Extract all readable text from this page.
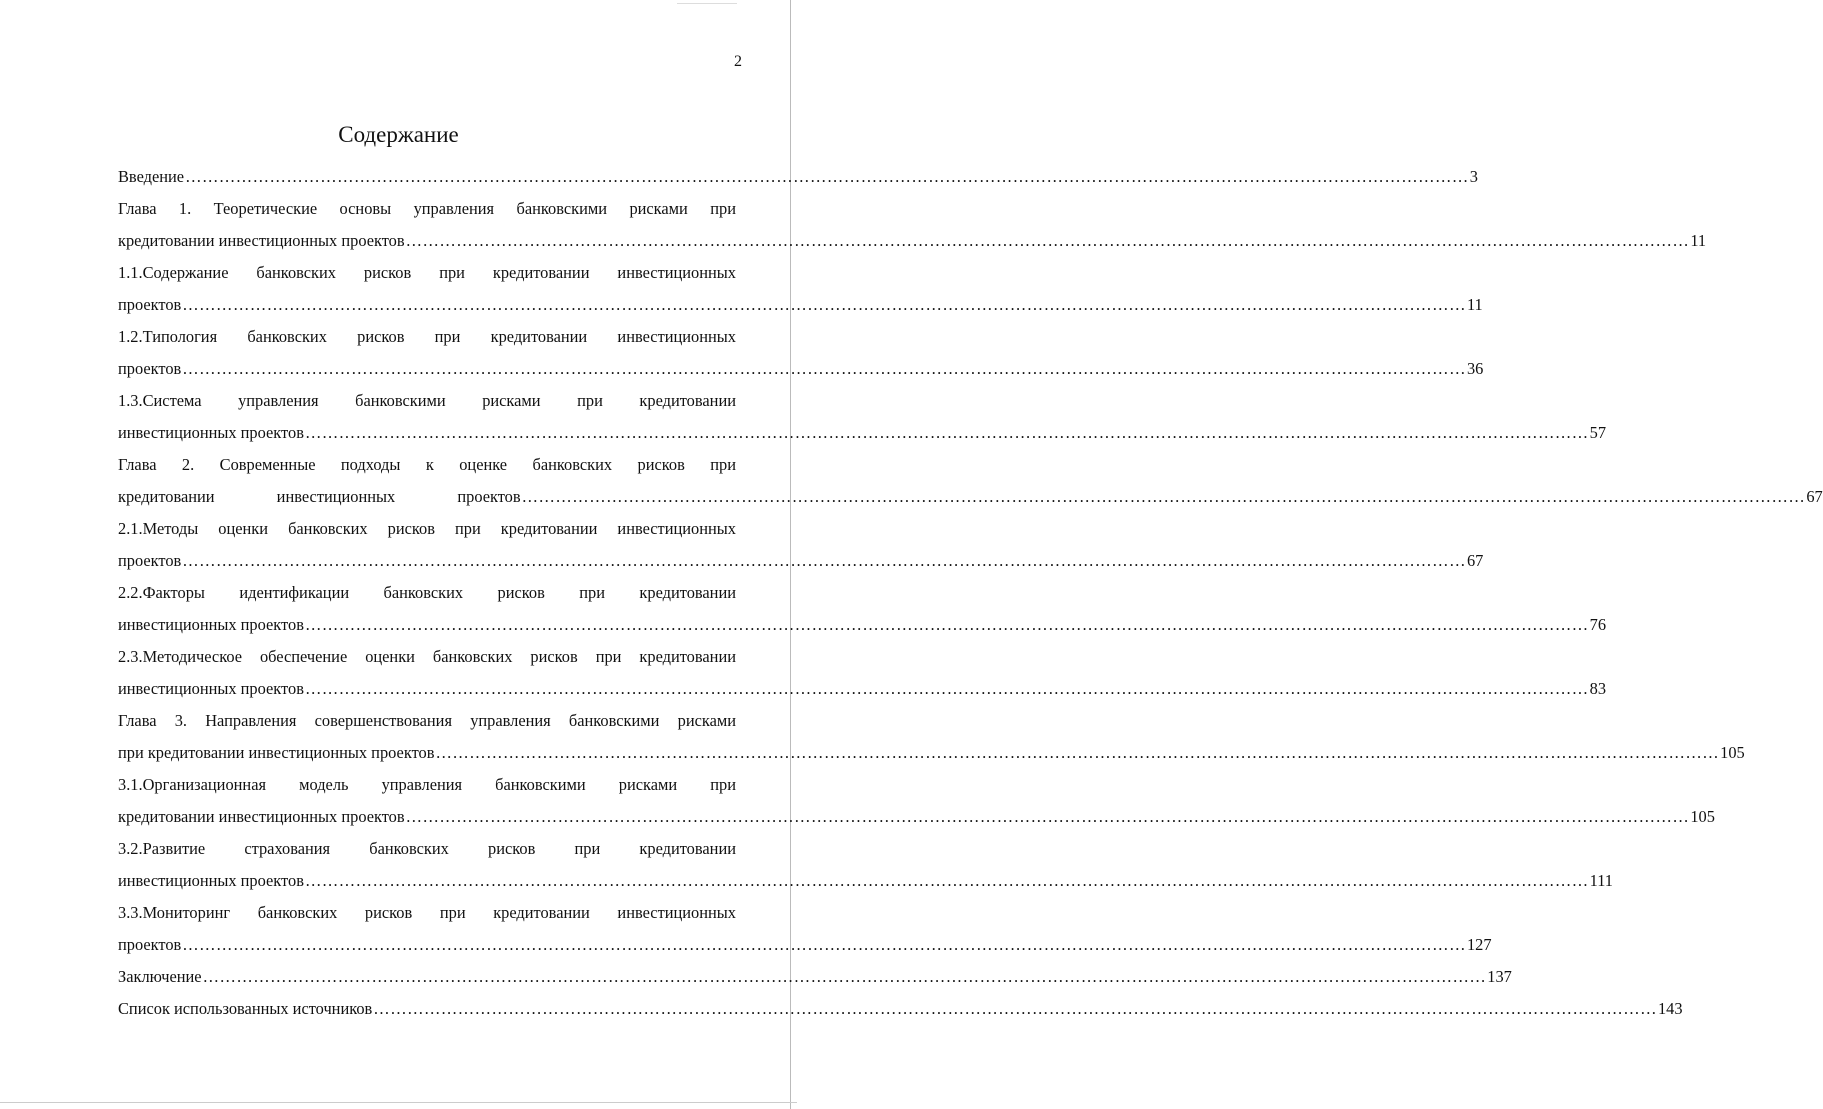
2
Содержание
Введение ………………………………………………………………………………………………………………………………………………………………………………………………………… 3
Глава 1. Теоретические основы управления банковскими рисками при
кредитовании инвестиционных проектов ………………………………………………………………………………………………………………………………………………………………………………………………………… 11
1.1.Содержание банковских рисков при кредитовании инвестиционных
проектов ………………………………………………………………………………………………………………………………………………………………………………………………………… 11
1.2.Типология банковских рисков при кредитовании инвестиционных
проектов ………………………………………………………………………………………………………………………………………………………………………………………………………… 36
1.3.Система управления банковскими рисками при кредитовании
инвестиционных проектов ………………………………………………………………………………………………………………………………………………………………………………………………………… 57
Глава 2. Современные подходы к оценке банковских рисков при
кредитовании инвестиционных проектов ………………………………………………………………………………………………………………………………………………………………………………………………………… 67
2.1.Методы оценки банковских рисков при кредитовании инвестиционных
проектов ………………………………………………………………………………………………………………………………………………………………………………………………………… 67
2.2.Факторы идентификации банковских рисков при кредитовании
инвестиционных проектов ………………………………………………………………………………………………………………………………………………………………………………………………………… 76
2.3.Методическое обеспечение оценки банковских рисков при кредитовании
инвестиционных проектов ………………………………………………………………………………………………………………………………………………………………………………………………………… 83
Глава 3. Направления совершенствования управления банковскими рисками
при кредитовании инвестиционных проектов ………………………………………………………………………………………………………………………………………………………………………………………………………… 105
3.1.Организационная модель управления банковскими рисками при
кредитовании инвестиционных проектов ………………………………………………………………………………………………………………………………………………………………………………………………………… 105
3.2.Развитие страхования банковских рисков при кредитовании
инвестиционных проектов ………………………………………………………………………………………………………………………………………………………………………………………………………… 111
3.3.Мониторинг банковских рисков при кредитовании инвестиционных
проектов ………………………………………………………………………………………………………………………………………………………………………………………………………… 127
Заключение ………………………………………………………………………………………………………………………………………………………………………………………………………… 137
Список использованных источников ………………………………………………………………………………………………………………………………………………………………………………………………………… 143
